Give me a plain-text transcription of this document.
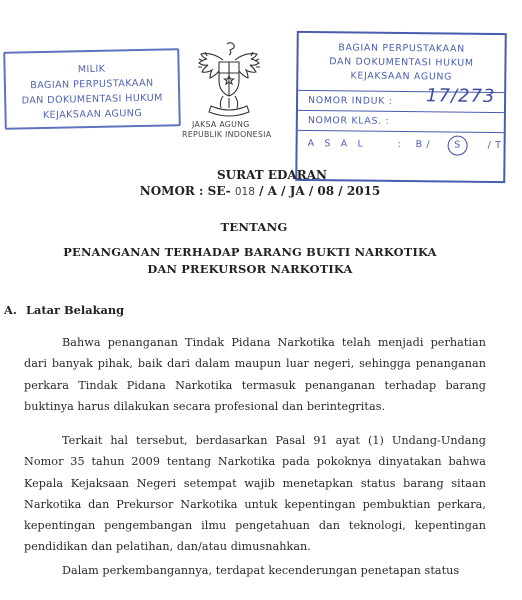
MILIK
BAGIAN PERPUSTAKAAN
DAN DOKUMENTASI HUKUM
KEJAKSAAN AGUNG
JAKSA AGUNG
REPUBLIK INDONESIA
BAGIAN PERPUSTAKAAN
DAN DOKUMENTASI HUKUM
KEJAKSAAN AGUNG
NOMOR INDUK : 17/273
NOMOR KLAS. :
A S A L	: B /	S	/ T
SURAT EDARAN
NOMOR : SE- 018 / A / JA / 08 / 2015
TENTANG
PENANGANAN TERHADAP BARANG BUKTI NARKOTIKA
DAN PREKURSOR NARKOTIKA
A. Latar Belakang

Bahwa penanganan Tindak Pidana Narkotika telah menjadi perhatian dari banyak pihak, baik dari dalam maupun luar negeri, sehingga penanganan perkara Tindak Pidana Narkotika termasuk penanganan terhadap barang buktinya harus dilakukan secara profesional dan berintegritas.

Terkait hal tersebut, berdasarkan Pasal 91 ayat (1) Undang-Undang Nomor 35 tahun 2009 tentang Narkotika pada pokoknya dinyatakan bahwa Kepala Kejaksaan Negeri setempat wajib menetapkan status barang sitaan Narkotika dan Prekursor Narkotika untuk kepentingan pembuktian perkara, kepentingan pengembangan ilmu pengetahuan dan teknologi, kepentingan pendidikan dan pelatihan, dan/atau dimusnahkan.

Dalam perkembangannya, terdapat kecenderungan penetapan status
